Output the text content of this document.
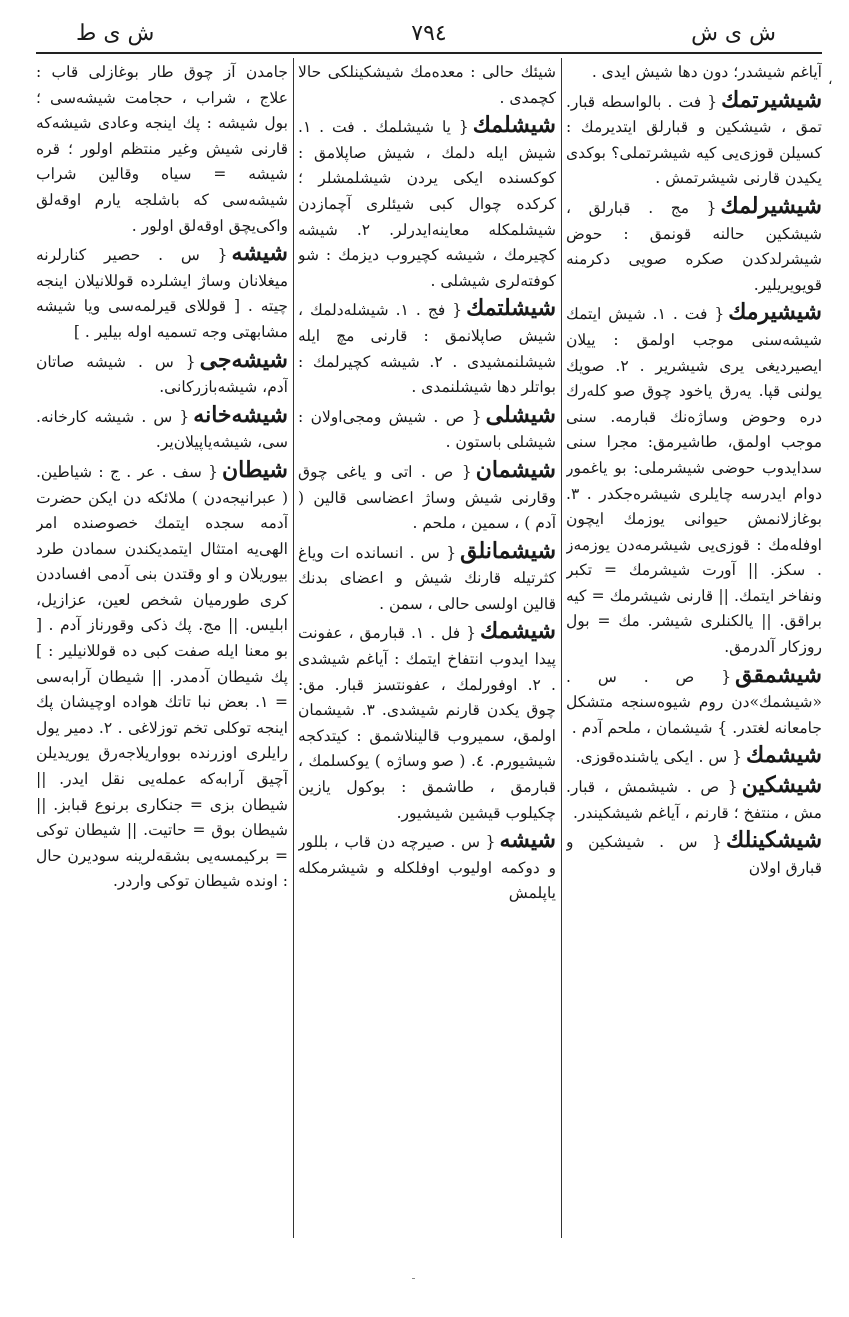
ش ى ط	٧٩٤	ش ى ش
،
آياغم شيشدر؛ دون دها شيش ايدى .
شيشيرتمك{ فت . بالواسطه قبار. تمق ، شيشكين و قبارلق ايتديرمك : كسيلن قوزى‌يى كيه شيشرتملى؟ بوكدى يكيدن قارنى شيشرتمش .
شيشيرلمك{ مج . قبارلق ، شيشكين حالنه قونمق : حوض شيشرلدكدن صكره صويى دكرمنه قويويريلير.
شيشيرمك{ فت . ١. شيش ايتمك شيشه‌سنى موجب اولمق : ييلان ايصيرديغى يرى شيشرير . ٢. صويك يولنى قپا. يه‌رق ياخود چوق صو كله‌رك دره وحوض وساژه‌نك قبارمه. سنى موجب اولمق، طاشيرمق: مجرا سنى سدايدوب حوضى شيشرملى: بو ياغمور دوام ايدرسه چايلرى شيشره‌جكدر . ٣. بوغازلانمش حيوانى يوزمك ايچون اوفله‌مك : قوزى‌يى شيشرمه‌دن يوزمه‌ز . سكز. || آورت شيشرمك = تكبر ونفاخر ايتمك. || قارنى شيشرمك = كيه براقق. || يالكنلرى شيشر. مك = بول روزكار آلدرمق.
شيشمقق{ ص . س . «شيشمك»دن روم شيوه‌سنجه متشكل جامعانه لغتدر. } شيشمان ، ملحم آدم .
شيشمك{ س . ايكى ياشنده‌قوزى.
شيشكين{ ص . شيشمش ، قبار. مش ، منتفخ ؛ قارنم ، آياغم شيشكيندر.
شيشكينلك{ س . شيشكين و قبارق اولان
شيئك حالى : معده‌مك شيشكينلكى حالا كچمدى .
شيشلمك{ يا شيشلمك . فت . ١. شيش ايله دلمك ، شيش صاپلامق : كوكسنده ايكى يردن شيشلمشلر ؛ كركده چوال كبى شيئلرى آچمازدن شيشلمكله معاينه‌ايدرلر. ٢. شيشه كچيرمك ، شيشه كچيروب ديزمك : شو كوفته‌لرى شيشلى .
شيشلتمك{ فج . ١. شيشله‌دلمك ، شيش صاپلانمق : قارنى مچ ايله شيشلنمشيدى . ٢. شيشه كچيرلمك : بواتلر دها شيشلنمدى .
شيشلى{ ص . شيش ومجى‌اولان : شيشلى باستون .
شيشمان{ ص . اتى و ياغى چوق وقارنى شيش وساژ اعضاسى قالين ( آدم ) ، سمين ، ملحم .
شيشمانلق{ س . انسانده ات وياغ كثرتيله قارنك شيش و اعضاى بدنك قالين اولسى حالى ، سمن .
شيشمك{ فل . ١. قبارمق ، عفونت پيدا ايدوب انتفاخ ايتمك : آياغم شيشدى . ٢. اوفورلمك ، عفونتسز قبار. مق: چوق يكدن قارنم شيشدى. ٣. شيشمان اولمق، سميروب قالينلاشمق : كيتدكجه شيشيورم. ٤. ( صو وساژه ) يوكسلمك ، قبارمق ، طاشمق : بوكول يازين چكيلوب قيشين شيشيور.
شيشه{ س . صيرچه دن قاب ، بللور و دوكمه اوليوب اوفلكله و شيشرمكله ياپلمش
جامدن آز چوق طار بوغازلى قاب : علاج ، شراب ، حجامت شيشه‌سى ؛ بول شيشه : پك اينجه وعادى شيشه‌كه قارنى شيش وغير منتظم اولور ؛ قره شيشه = سياه وقالين شراب شيشه‌سى كه باشلجه يارم اوقه‌لق واكى‌يچق اوقه‌لق اولور .
شيشه{ س . حصير كنارلرنه ميغلانان وساژ ايشلرده قوللانيلان اينجه چيته . [ قوللاى قيرلمه‌سى ويا شيشه مشابهتى وجه تسميه اوله بيلير . ]
شيشه‌جى{ س . شيشه صاتان آدم، شيشه‌بازركانى.
شيشه‌خانه{ س . شيشه كارخانه. سى، شيشه‌ياپيلان‌ير.
شيطان{ سف . عر . ج : شياطين. ( عبرانيجه‌دن ) ملائكه‌ دن ايكن حضرت آدمه سجده ايتمك خصوصنده امر الهى‌يه امتثال ايتمديكندن سمادن طرد بيوريلان و او وقتدن بنى آدمى افساددن كرى طورميان شخص لعين، عزازيل، ابليس. || مج. پك ذكى وقورناز آدم . [ بو معنا ايله صفت كبى ده قوللانيلير : ] پك شيطان آدمدر. || شيطان آرابه‌سى = ١. بعض نبا تاتك هواده اوچيشان پك اينجه توكلى تخم توزلاغى . ٢. دمير يول رايلرى اوزرنده بوواريلاجه‌رق يوريديلن آچيق آرابه‌كه عمله‌يى نقل ايدر. || شيطان بزى = جنكارى برنوع قبابز. || شيطان بوق = حاتيت. || شيطان توكى = بركيمسه‌يى بشقه‌لرينه سوديرن حال : اونده شيطان توكى واردر.
